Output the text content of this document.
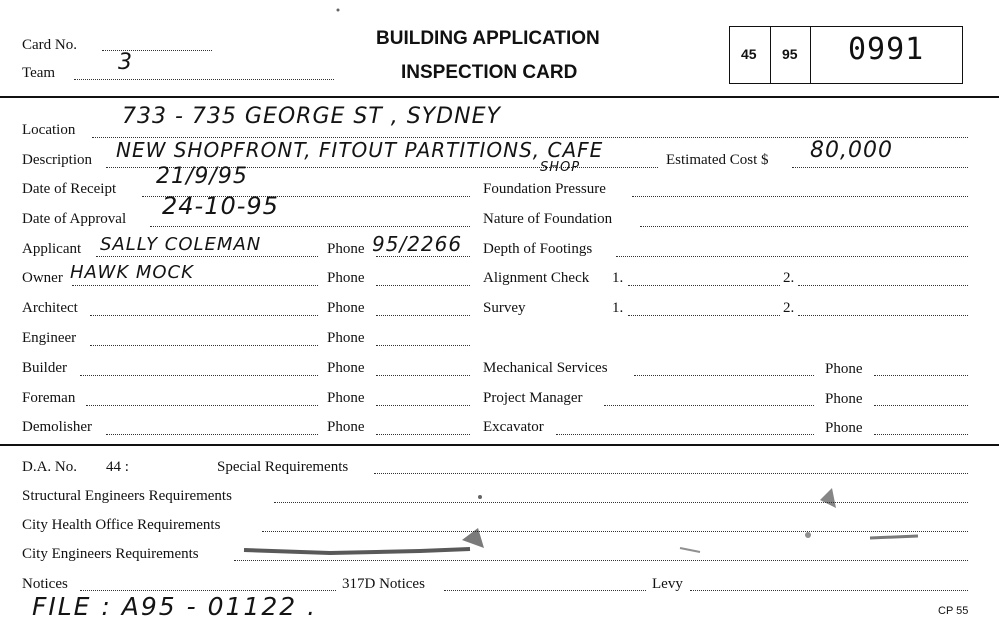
Card No.
Team	3
BUILDING APPLICATION
INSPECTION CARD
45 95 0991
Location
733 - 735 GEORGE ST , SYDNEY
Description NEW SHOPFRONT, FITOUT PARTITIONS, CAFE
SHOP	Estimated Cost $ 80,000
Date of Receipt 21/9/95	Foundation Pressure
Date of Approval 24-10-95	Nature of Foundation
Applicant SALLY COLEMAN	Phone 95/2266 Depth of Footings
Owner HAWK MOCK	Phone	Alignment Check 1.	2.
Architect	Phone	Survey	1.	2.
Engineer	Phone
Builder	Phone	Mechanical Services	Phone
Foreman	Phone	Project Manager	Phone
Demolisher	Phone	Excavator	Phone
D.A. No. 44 :	Special Requirements
Structural Engineers Requirements
City Health Office Requirements
City Engineers Requirements
Notices	317D Notices	Levy
FILE : A95 - 01122 .	CP 55
